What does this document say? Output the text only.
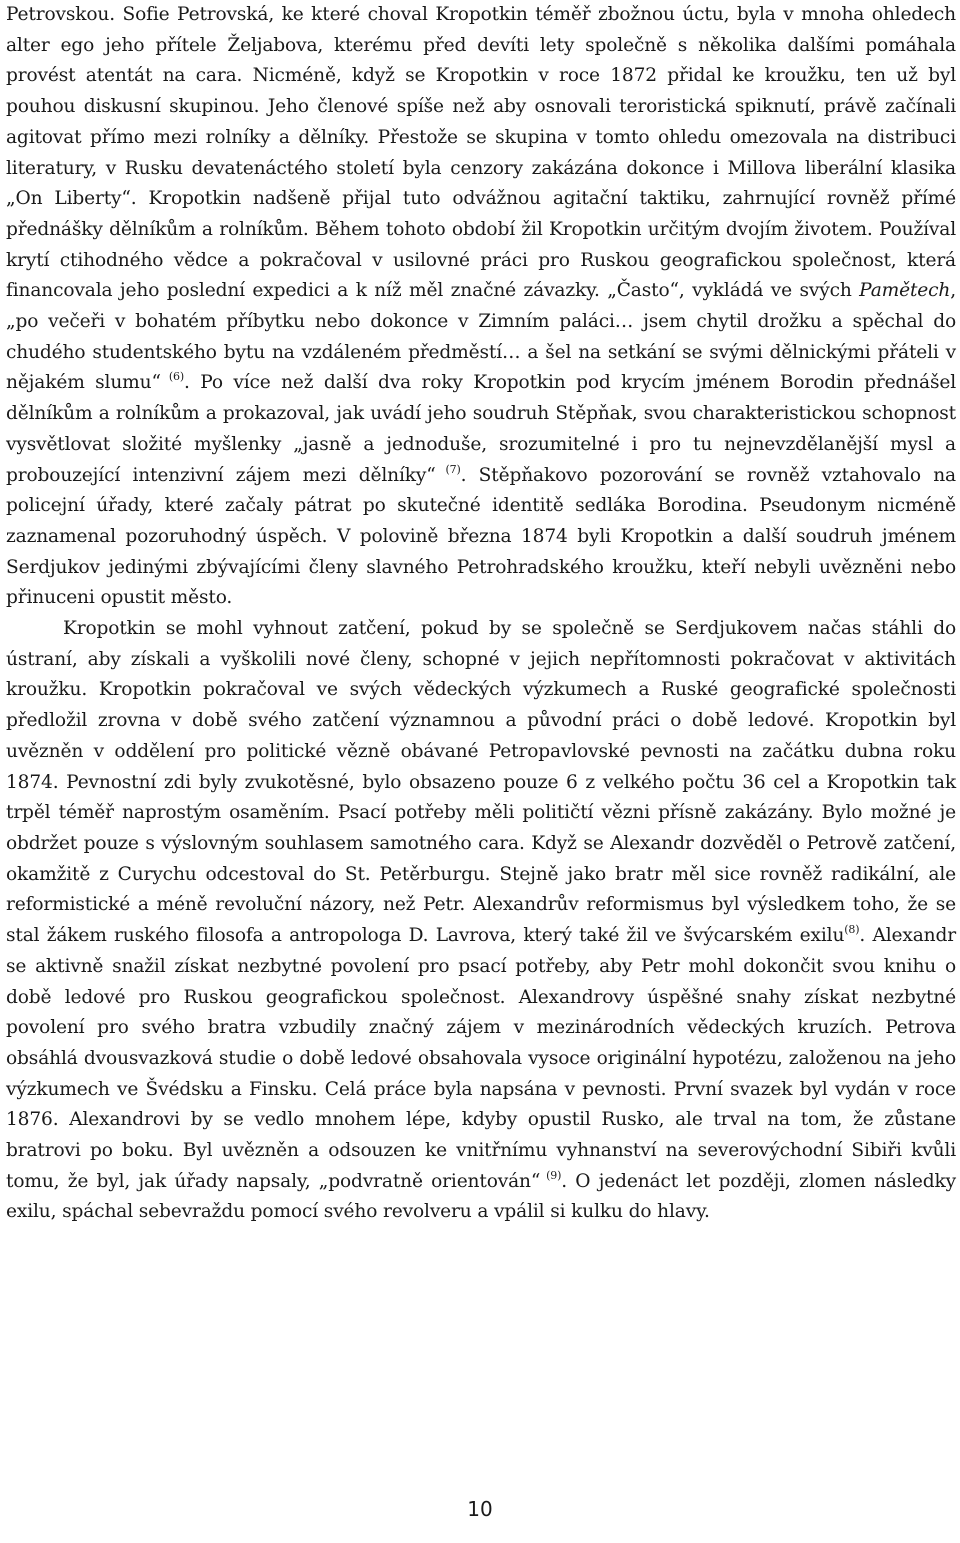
Petrovskou. Sofie Petrovská, ke které choval Kropotkin téměř zbožnou úctu, byla v mnoha ohledech alter ego jeho přítele Željabova, kterému před devíti lety společně s několika dalšími pomáhala provést atentát na cara. Nicméně, když se Kropotkin v roce 1872 přidal ke kroužku, ten už byl pouhou diskusní skupinou. Jeho členové spíše než aby osnovali teroristická spiknutí, právě začínali agitovat přímo mezi rolníky a dělníky. Přestože se skupina v tomto ohledu omezovala na distribuci literatury, v Rusku devatenáctého století byla cenzory zakázána dokonce i Millova liberální klasika „On Liberty“. Kropotkin nadšeně přijal tuto odvážnou agitační taktiku, zahrnující rovněž přímé přednášky dělníkům a rolníkům. Během tohoto období žil Kropotkin určitým dvojím životem. Používal krytí ctihodného vědce a pokračoval v usilovné práci pro Ruskou geografickou společnost, která financovala jeho poslední expedici a k níž měl značné závazky. „Často“, vykládá ve svých Pamětech, „po večeři v bohatém příbytku nebo dokonce v Zimním paláci… jsem chytil drožku a spěchal do chudého studentského bytu na vzdáleném předměstí… a šel na setkání se svými dělnickými přáteli v nějakém slumu“ $^{(6)}$. Po více než další dva roky Kropotkin pod krycím jménem Borodin přednášel dělníkům a rolníkům a prokazoval, jak uvádí jeho soudruh Stěpňak, svou charakteristickou schopnost vysvětlovat složité myšlenky „jasně a jednoduše, srozumitelné i pro tu nejnevzdělanější mysl a probouzející intenzivní zájem mezi dělníky“ $^{(7)}$. Stěpňakovo pozorování se rovněž vztahovalo na policejní úřady, které začaly pátrat po skutečné identitě sedláka Borodina. Pseudonym nicméně zaznamenal pozoruhodný úspěch. V polovině března 1874 byli Kropotkin a další soudruh jménem Serdjukov jedinými zbývajícími členy slavného Petrohradského kroužku, kteří nebyli uvězněni nebo přinuceni opustit město.

Kropotkin se mohl vyhnout zatčení, pokud by se společně se Serdjukovem načas stáhli do ústraní, aby získali a vyškolili nové členy, schopné v jejich nepřítomnosti pokračovat v aktivitách kroužku. Kropotkin pokračoval ve svých vědeckých výzkumech a Ruské geografické společnosti předložil zrovna v době svého zatčení významnou a původní práci o době ledové. Kropotkin byl uvězněn v oddělení pro politické vězně obávané Petropavlovské pevnosti na začátku dubna roku 1874. Pevnostní zdi byly zvukotěsné, bylo obsazeno pouze 6 z velkého počtu 36 cel a Kropotkin tak trpěl téměř naprostým osaměním. Psací potřeby měli političtí vězni přísně zakázány. Bylo možné je obdržet pouze s výslovným souhlasem samotného cara. Když se Alexandr dozvěděl o Petrově zatčení, okamžitě z Curychu odcestoval do St. Petěrburgu. Stejně jako bratr měl sice rovněž radikální, ale reformistické a méně revoluční názory, než Petr. Alexandrův reformismus byl výsledkem toho, že se stal žákem ruského filosofa a antropologa D. Lavrova, který také žil ve švýcarském exilu$^{(8)}$. Alexandr se aktivně snažil získat nezbytné povolení pro psací potřeby, aby Petr mohl dokončit svou knihu o době ledové pro Ruskou geografickou společnost. Alexandrovy úspěšné snahy získat nezbytné povolení pro svého bratra vzbudily značný zájem v mezinárodních vědeckých kruzích. Petrova obsáhlá dvousvazková studie o době ledové obsahovala vysoce originální hypotézu, založenou na jeho výzkumech ve Švédsku a Finsku. Celá práce byla napsána v pevnosti. První svazek byl vydán v roce 1876. Alexandrovi by se vedlo mnohem lépe, kdyby opustil Rusko, ale trval na tom, že zůstane bratrovi po boku. Byl uvězněn a odsouzen ke vnitřnímu vyhnanství na severovýchodní Sibiři kvůli tomu, že byl, jak úřady napsaly, „podvratně orientován“ $^{(9)}$. O jedenáct let později, zlomen následky exilu, spáchal sebevraždu pomocí svého revolveru a vpálil si kulku do hlavy.

10
